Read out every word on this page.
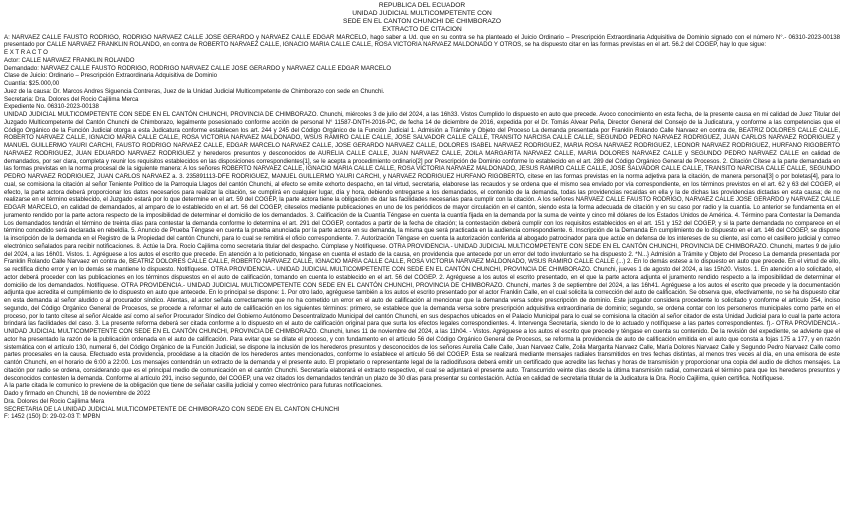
REPUBLICA DEL ECUADOR
UNIDAD JUDICIAL MULTICOMPETENTE CON
SEDE EN EL CANTON CHUNCHI DE CHIMBORAZO
EXTRACTO DE CITACION

A: NARVAEZ CALLE FAUSTO RODRIGO, RODRIGO NARVAEZ CALLE JOSE GERARDO y NARVAEZ CALLE EDGAR MARCELO, hago saber a Ud. que en su contra se ha planteado el Juicio Ordinario – Prescripción Extraordinaria Adquisitiva de Dominio signado con el número N°.- 06310-2023-00138 presentado por CALLE NARVAEZ FRANKLIN ROLANDO, en contra de ROBERTO NARVAEZ CALLE, IGNACIO MARIA CALLE CALLE, ROSA VICTORIA NARVAEZ MALDONADO Y OTROS, se ha dispuesto citar en las formas previstas en el art. 56.2 del COGEP, hay lo que sigue:

E X T R A C T O

Actor: CALLE NARVAEZ FRANKLIN ROLANDO

Demandado: NARVAEZ CALLE FAUSTO RODRIGO, RODRIGO NARVAEZ CALLE JOSE GERARDO y NARVAEZ CALLE EDGAR MARCELO

Clase de Juicio: Ordinario – Prescripción Extraordinaria Adquisitiva de Dominio

Cuantía: $25.000,00

Juez de la causa: Dr. Marcos Andres Siguencia Contreras, Juez de la Unidad Judicial Multicompetente de Chimborazo con sede en Chunchi.

Secretaria: Dra. Dolores del Rocio Cajilima Merca

Expediente No. 06310-2023-00138

UNIDAD JUDICIAL MULTICOMPETENTE CON SEDE EN EL CANTÓN CHUNCHI, PROVINCIA DE CHIMBORAZO. Chunchi, miércoles 3 de julio del 2024, a las 16h33. Vistos Cumplido lo dispuesto en auto que precede. Avoco conocimiento en esta fecha, de la presente causa en mi calidad de Juez Titular del Juzgado Multicompetente del Cantón Chunchi de Chimborazo, legalmente posesionado conforme acción de personal N° 11587-DNTH-2016-PC, de fecha 14 de diciembre de 2016, expedida por el Dr. Tomás Alvear Peña, Director General del Consejo de la Judicatura, y conforme a las competencias que el Código Orgánico de la Función Judicial otorga a esta Judicatura conforme establecen los art. 244 y 245 del Código Orgánico de la Función Judicial 1. Admisión a Trámite y Objeto del Proceso La demanda presentada por Franklin Rolando Calle Narvaez en contra de, BEATRIZ DOLORES CALLE CALLE, ROBERTO NARVAEZ CALLE, IGNACIO MARIA CALLE CALLE, ROSA VICTORIA NARVAEZ MALDONADO, WSUS RAMIRO CALLE CALLE, JOSE SALVADOR CALLE CALLE, TRANSITO NARCISA CALLE CALLE, SEGUNDO PEDRO NARVAEZ RODRIGUEZ, JUAN CARLOS NARVAEZ RODRIGUEZ y MANUEL GUILLERMO YAURI CARCHI, FAUSTO RODRIGO NARVAEZ CALLE, EDGAR MARCELO NARVAEZ CALLE, JOSE GERARDO NARVAEZ CALLE, DOLORES ISABEL NARVAEZ RODRIGUEZ, MARIA ROSA NARVAEZ RODRIGUEZ, LEONOR NARVAEZ RODRIGUEZ, HURFANO RIGOBERTO NARVAEZ RODRIGUEZ, JUAN EDUARDO NARVAEZ RODRIGUEZ y herederos presuntos y desconocidos de AURELIA CALLE CALLE, JUAN NARVAEZ CALLE, ZOILA MARGARITA NARVAEZ CALLE, MARIA DOLORES NARVAEZ CALLE y SEGUNDO PEDRO NARVAEZ CALLE en calidad de demandados, por ser clara, completa y reunir los requisitos establecidos en las disposiciones correspondientes[1], se le acepta a procedimiento ordinario[2] por Prescripción de Dominio conforme lo establecido en el art. 289 del Código Orgánico General de Procesos. 2. Citación Cítese a la parte demandada en las formas previstas en la norma procesal de la siguiente manera: A los señores ROBERTO NARVAEZ CALLE, IGNACIO MARIA CALLE CALLE, ROSA VICTORIA NARVAEZ MALDONADO, JESUS RAMIRO CALLE CALLE, JOSE SALVADOR CALLE CALLE, TRANSITO NARCISA CALLE CALLE, SEGUNDO PEDRO NARVAEZ RODRIGUEZ, JUAN CARLOS NARVAEZ a. 3. 235891113-DFE RODRIGUEZ, MANUEL GUILLERMO YAURI CARCHI, y NARVAEZ RODRIGUEZ HURFANO RIGOBERTO, cítese en las formas previstas en la norma adjetiva para la citación, de manera personal[3] o por boletas[4], para lo cual, se comisiona la citación al señor Teniente Político de la Parroquia Llagos del cantón Chunchi, al efecto se emite exhorto despacho, en tal virtud, secretaria, elaborese las recaudos y se ordena que el mismo sea enviado por vía correspondiente, en los términos previstos en el art. 62 y 63 del COGEP, el efecto, la parte actora deberá proporcionar los datos necesarios para realizar la citación, se cumplirá en cualquier lugar, día y hora, debiendo entregarse a los demandados, el contenido de la demanda, todas las providencias recaídas en ella y la de dichas las providencias dictadas en esta causa; de no realizarse en el término establecido, el Juzgado estará por lo que determine en el art. 59 del COGEP, la parte actora tiene la obligación de dar las facilidades necesarias para cumplir con la citación. A los señores NARVAEZ CALLE FAUSTO RODRIGO, NARVAEZ CALLE JOSE GERARDO y NARVAEZ CALLE EDGAR MARCELO, en calidad de demandados, al amparo de lo establecido en el art. 56 del COGEP, citeselos mediante publicaciones en uno de los periódicos de mayor circulación en el cantón, siendo esta la forma adecuada de citación y en su caso por radio y la cuantía. Lo anterior se fundamenta en el juramento rendido por la parte actora respecto de la imposibilidad de determinar el domicilio de los demandados. 3. Calificación de la Cuantía Téngase en cuenta la cuantía fijada en la demanda por la suma de veinte y cinco mil dólares de los Estados Unidos de América. 4. Término para Contestar la Demanda Los demandados tendrán el término de treinta días para contestar la demanda conforme lo determina el art. 291 del COGEP, contados a partir de la fecha de citación; la contestación deberá cumplir con los requisitos establecidos en el art. 151 y 152 del COGEP, y si la parte demandada no comparece en el término concedido será declarada en rebeldía. 5. Anuncio de Prueba Téngase en cuenta la prueba anunciada por la parte actora en su demanda, la misma que será practicada en la audiencia correspondiente. 6. Inscripción de la Demanda En cumplimiento de lo dispuesto en el art. 146 del COGEP, se dispone la inscripción de la demanda en el Registro de la Propiedad del cantón Chunchi, para lo cual se remitirá el oficio correspondiente. 7. Autorización Téngase en cuenta la autorización conferida al abogado patrocinador para que actúe en defensa de los intereses de su cliente, así como el casillero judicial y correo electrónico señalados para recibir notificaciones. 8. Actúe la Dra. Rocío Cajilima como secretaria titular del despacho. Cúmplase y Notifíquese. OTRA PROVIDENCIA.- UNIDAD JUDICIAL MULTICOMPETENTE CON SEDE EN EL CANTÓN CHUNCHI, PROVINCIA DE CHIMBORAZO. Chunchi, martes 9 de julio del 2024, a las 16h01. Vistos. 1. Agréguese a los autos el escrito que precede. En atención a lo peticionado, téngase en cuenta el estado de la causa, en providencia que antecede por un error del todo involuntario se ha dispuesto 2. *N...} Admisión a Trámite y Objeto del Proceso La demanda presentada por Franklin Rolando Calle Narvaez en contra de, BEATRIZ DOLORES CALLE CALLE, ROBERTO NARVAEZ CALLE, IGNACIO MARIA CALLE CALLE, ROSA VICTORIA NARVAEZ MALDONADO, WSUS RAMIRO CALLE CALLE (...) 2. En lo demás estese a lo dispuesto en auto que precede. En el virtud de ello, se rectifica dicho error y en lo demás se mantiene lo dispuesto. Notifíquese. OTRA PROVIDENCIA.- UNIDAD JUDICIAL MULTICOMPETENTE CON SEDE EN EL CANTÓN CHUNCHI, PROVINCIA DE CHIMBORAZO. Chunchi, jueves 1 de agosto del 2024, a las 15h20. Vistos. 1. En atención a lo solicitado, el actor deberá proceder con las publicaciones en los términos dispuestos en el auto de calificación, tomando en cuenta lo establecido en el art. 56 del COGEP. 2. Agréguese a los autos el escrito presentado, en el que la parte actora adjunta el juramento rendido respecto a la imposibilidad de determinar el domicilio de los demandados. Notifíquese. OTRA PROVIDENCIA.- UNIDAD JUDICIAL MULTICOMPETENTE CON SEDE EN EL CANTÓN CHUNCHI, PROVINCIA DE CHIMBORAZO. Chunchi, martes 3 de septiembre del 2024, a las 16h41. Agréguese a los autos el escrito que precede y la documentación adjunta que acredita el cumplimiento de lo dispuesto en auto que antecede. En lo principal se dispone: 1. Por otro lado, agréguese también a los autos el escrito presentado por el actor Franklin Calle, en el cual solicita la corrección del auto de calificación. Se observa que, efectivamente, no se ha dispuesto citar en esta demanda al señor aludido o al procurador síndico. Atentas, al actor señala correctamente que no ha cometido un error en el auto de calificación al mencionar que la demanda versa sobre prescripción de dominio. Este juzgador considera procedente lo solicitado y conforme el artículo 254, inciso segundo, del Código Orgánico General de Procesos, se procede a reformar el auto de calificación en los siguientes términos: primero, se establece que la demanda versa sobre prescripción adquisitiva extraordinaria de dominio; segundo, se ordena contar con los personeros municipales como parte en el proceso, por lo tanto cítese al señor Alcalde así como al señor Procurador Síndico del Gobierno Autónomo Descentralizado Municipal del cantón Chunchi, en sus despachos ubicados en el Palacio Municipal para lo cual se comisiona la citación al señor citador de esta Unidad Judicial para lo cual la parte actora brindará las facilidades del caso. 3. La presente reforma deberá ser citada conforme a lo dispuesto en el auto de calificación original para que surta los efectos legales correspondientes. 4. Intervenga Secretaría, siendo lo de lo actuado y notifíquese a las partes correspondientes. f).- OTRA PROVIDENCIA.- UNIDAD JUDICIAL MULTICOMPETENTE CON SEDE EN EL CANTÓN CHUNCHI, PROVINCIA DE CHIMBORAZO. Chunchi, lunes 11 de noviembre del 2024, a las 11h04. - Vistos. Agréguese a los autos el escrito que precede y téngase en cuenta su contenido. De la revisión del expediente, se advierte que el actor ha presentado la razón de la publicación ordenada en el auto de calificación. Para evitar que se dilate el proceso, y con fundamento en el artículo 56 del Código Orgánico General de Procesos, se reforma la providencia de auto de calificación emitida en el auto que consta a fojas 175 a 177, y en razón sistemática con el artículo 130, numeral 6, del Código Orgánico de la Función Judicial, se dispone la inclusión de los herederos presuntos y desconocidos de los señores Aurelia Calle Calle, Juan Narvaez Calle, Zoila Margarita Narvaez Calle, María Dolores Narvaez Calle y Segundo Pedro Narvaez Calle como partes procesales en la causa. Efectuado esta providencia, procédase a la citación de los herederos antes mencionados, conforme lo establece el artículo 56 del COGEP. Esta se realizará mediante mensajes radiales transmitidos en tres fechas distintas, al menos tres veces al día, en una emisora de este cantón Chunchi, en el horario de 6:00 a 22:00. Los mensajes contendrán un extracto de la demanda y el presente auto. El propietario o representante legal de la radiodifusora deberá emitir un certificado que acredite las fechas y horas de transmisión y proporcionar una copia del audio de dichos mensajes. La citación por radio se ordena, considerando que es el principal medio de comunicación en el cantón Chunchi. Secretaría elaborará el extracto respectivo, el cual se adjuntará el presente auto. Transcurrido veinte días desde la última transmisión radial, comenzará el término para que los herederos presuntos y desconocidos contesten la demanda. Conforme al artículo 291, inciso segundo, del COGEP, una vez citados los demandados tendrán un plazo de 30 días para presentar su contestación. Actúa en calidad de secretaria titular de la Judicatura la Dra. Rocío Cajilima, quien certifica. Notifíquese.

A la parte citada le comunico lo previene de la obligación que tiene de señalar casilla judicial y correo electrónico para futuras notificaciones.

Dado y firmado en Chunchi, 18 de noviembre de 2022

Dra. Dolores del Rocio Cajilima Mera

SECRETARIA DE LA UNIDAD JUDICIAL MULTICOMPETENTE DE CHIMBORAZO CON SEDE EN EL CANTON CHUNCHI

F: 1452 (150) D: 29-02-03 T: MPBN
